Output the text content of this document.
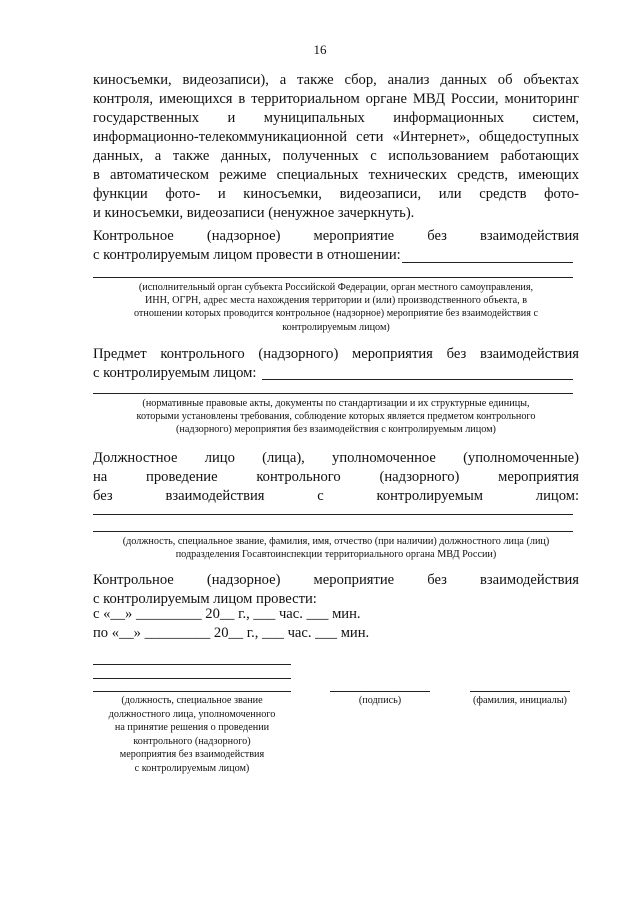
16
киносъемки, видеозаписи), а также сбор, анализ данных об объектах
контроля, имеющихся в территориальном органе МВД России, мониторинг
государственных и муниципальных информационных систем,
информационно-телекоммуникационной сети «Интернет», общедоступных
данных, а также данных, полученных с использованием работающих
в автоматическом режиме специальных технических средств, имеющих
функции фото- и киносъемки, видеозаписи, или средств фото-
и киносъемки, видеозаписи (ненужное зачеркнуть).
Контрольное (надзорное) мероприятие без взаимодействия
с контролируемым лицом провести в отношении:
(исполнительный орган субъекта Российской Федерации, орган местного самоуправления,
ИНН, ОГРН, адрес места нахождения территории и (или) производственного объекта, в
отношении которых проводится контрольное (надзорное) мероприятие без взаимодействия с
контролируемым лицом)
Предмет контрольного (надзорного) мероприятия без взаимодействия
с контролируемым лицом:
(нормативные правовые акты, документы по стандартизации и их структурные единицы,
которыми установлены требования, соблюдение которых является предметом контрольного
(надзорного) мероприятия без взаимодействия с контролируемым лицом)
Должностное лицо (лица), уполномоченное (уполномоченные)
на проведение контрольного (надзорного) мероприятия
без взаимодействия с контролируемым лицом:
(должность, специальное звание, фамилия, имя, отчество (при наличии) должностного лица (лиц)
подразделения Госавтоинспекции территориального органа МВД России)
Контрольное (надзорное) мероприятие без взаимодействия
с контролируемым лицом провести:
с «__» _________ 20__ г., ___ час. ___ мин.
по «__» _________ 20__ г., ___ час. ___ мин.
(должность, специальное звание
должностного лица, уполномоченного
на принятие решения о проведении
контрольного (надзорного)
мероприятия без взаимодействия
с контролируемым лицом)
(подпись)	(фамилия, инициалы)
